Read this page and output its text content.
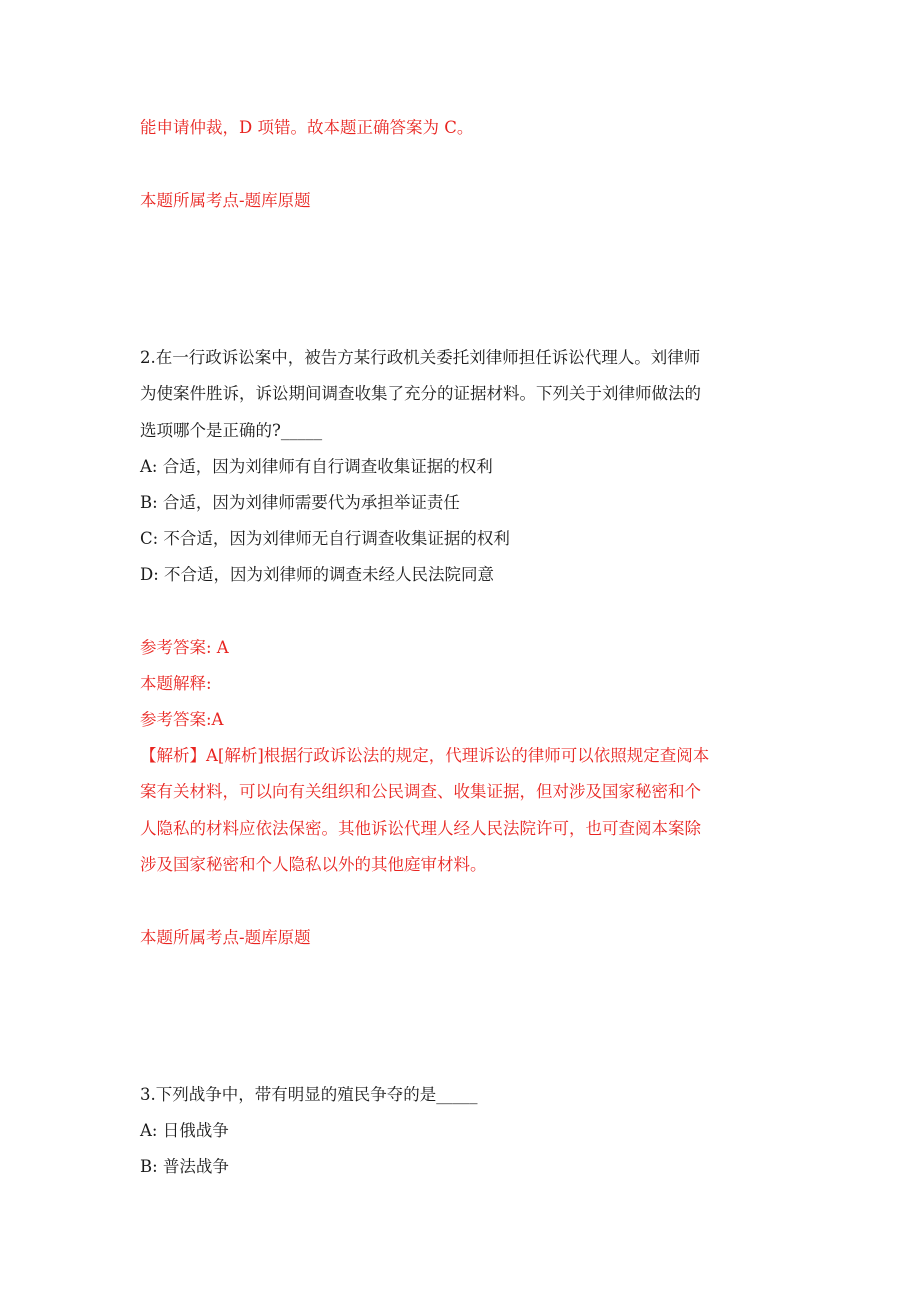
能申请仲裁，D 项错。故本题正确答案为 C。

本题所属考点-题库原题

2.在一行政诉讼案中，被告方某行政机关委托刘律师担任诉讼代理人。刘律师

为使案件胜诉，诉讼期间调查收集了充分的证据材料。下列关于刘律师做法的

选项哪个是正确的?_____

A: 合适，因为刘律师有自行调查收集证据的权利

B: 合适，因为刘律师需要代为承担举证责任

C: 不合适，因为刘律师无自行调查收集证据的权利

D: 不合适，因为刘律师的调查未经人民法院同意

参考答案: A

本题解释:

参考答案:A

【解析】A[解析]根据行政诉讼法的规定，代理诉讼的律师可以依照规定查阅本

案有关材料，可以向有关组织和公民调查、收集证据，但对涉及国家秘密和个

人隐私的材料应依法保密。其他诉讼代理人经人民法院许可，也可查阅本案除

涉及国家秘密和个人隐私以外的其他庭审材料。

本题所属考点-题库原题

3.下列战争中，带有明显的殖民争夺的是_____

A: 日俄战争

B: 普法战争
